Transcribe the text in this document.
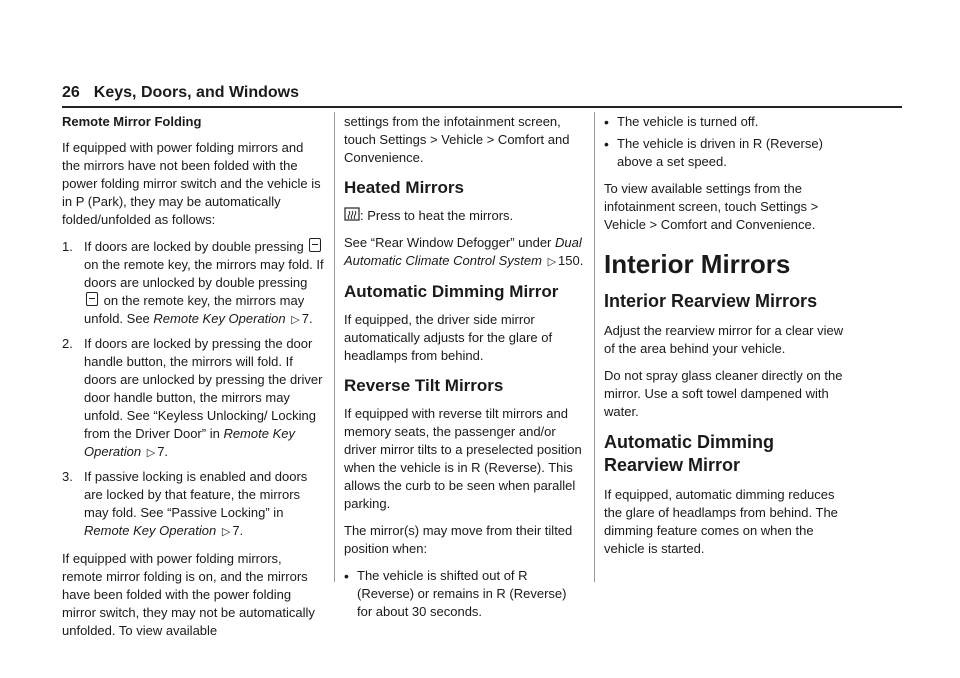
26 Keys, Doors, and Windows

Remote Mirror Folding

If equipped with power folding mirrors and the mirrors have not been folded with the power folding mirror switch and the vehicle is in P (Park), they may be automatically folded/unfolded as follows:

1. If doors are locked by double pressing
on the remote key, the mirrors may fold. If doors are unlocked by double pressing
on the remote key, the mirrors may unfold. See Remote Key Operation ▷ 7.
2. If doors are locked by pressing the door handle button, the mirrors will fold. If doors are unlocked by pressing the driver door handle button, the mirrors may unfold. See “Keyless Unlocking/ Locking from the Driver Door” in Remote Key Operation ▷ 7.
3. If passive locking is enabled and doors are locked by that feature, the mirrors may fold. See “Passive Locking” in Remote Key Operation ▷ 7.

If equipped with power folding mirrors, remote mirror folding is on, and the mirrors have been folded with the power folding mirror switch, they may not be automatically unfolded. To view available

settings from the infotainment screen, touch Settings > Vehicle > Comfort and Convenience.

Heated Mirrors

: Press to heat the mirrors.

See “Rear Window Defogger” under Dual Automatic Climate Control System ▷ 150.

Automatic Dimming Mirror

If equipped, the driver side mirror automatically adjusts for the glare of headlamps from behind.

Reverse Tilt Mirrors

If equipped with reverse tilt mirrors and memory seats, the passenger and/or driver mirror tilts to a preselected position when the vehicle is in R (Reverse). This allows the curb to be seen when parallel parking.

The mirror(s) may move from their tilted position when:

• The vehicle is shifted out of R (Reverse) or remains in R (Reverse) for about 30 seconds.
• The vehicle is turned off.
• The vehicle is driven in R (Reverse) above a set speed.

To view available settings from the infotainment screen, touch Settings > Vehicle > Comfort and Convenience.

Interior Mirrors
Interior Rearview Mirrors

Adjust the rearview mirror for a clear view of the area behind your vehicle.

Do not spray glass cleaner directly on the mirror. Use a soft towel dampened with water.

Automatic Dimming Rearview Mirror

If equipped, automatic dimming reduces the glare of headlamps from behind. The dimming feature comes on when the vehicle is started.
